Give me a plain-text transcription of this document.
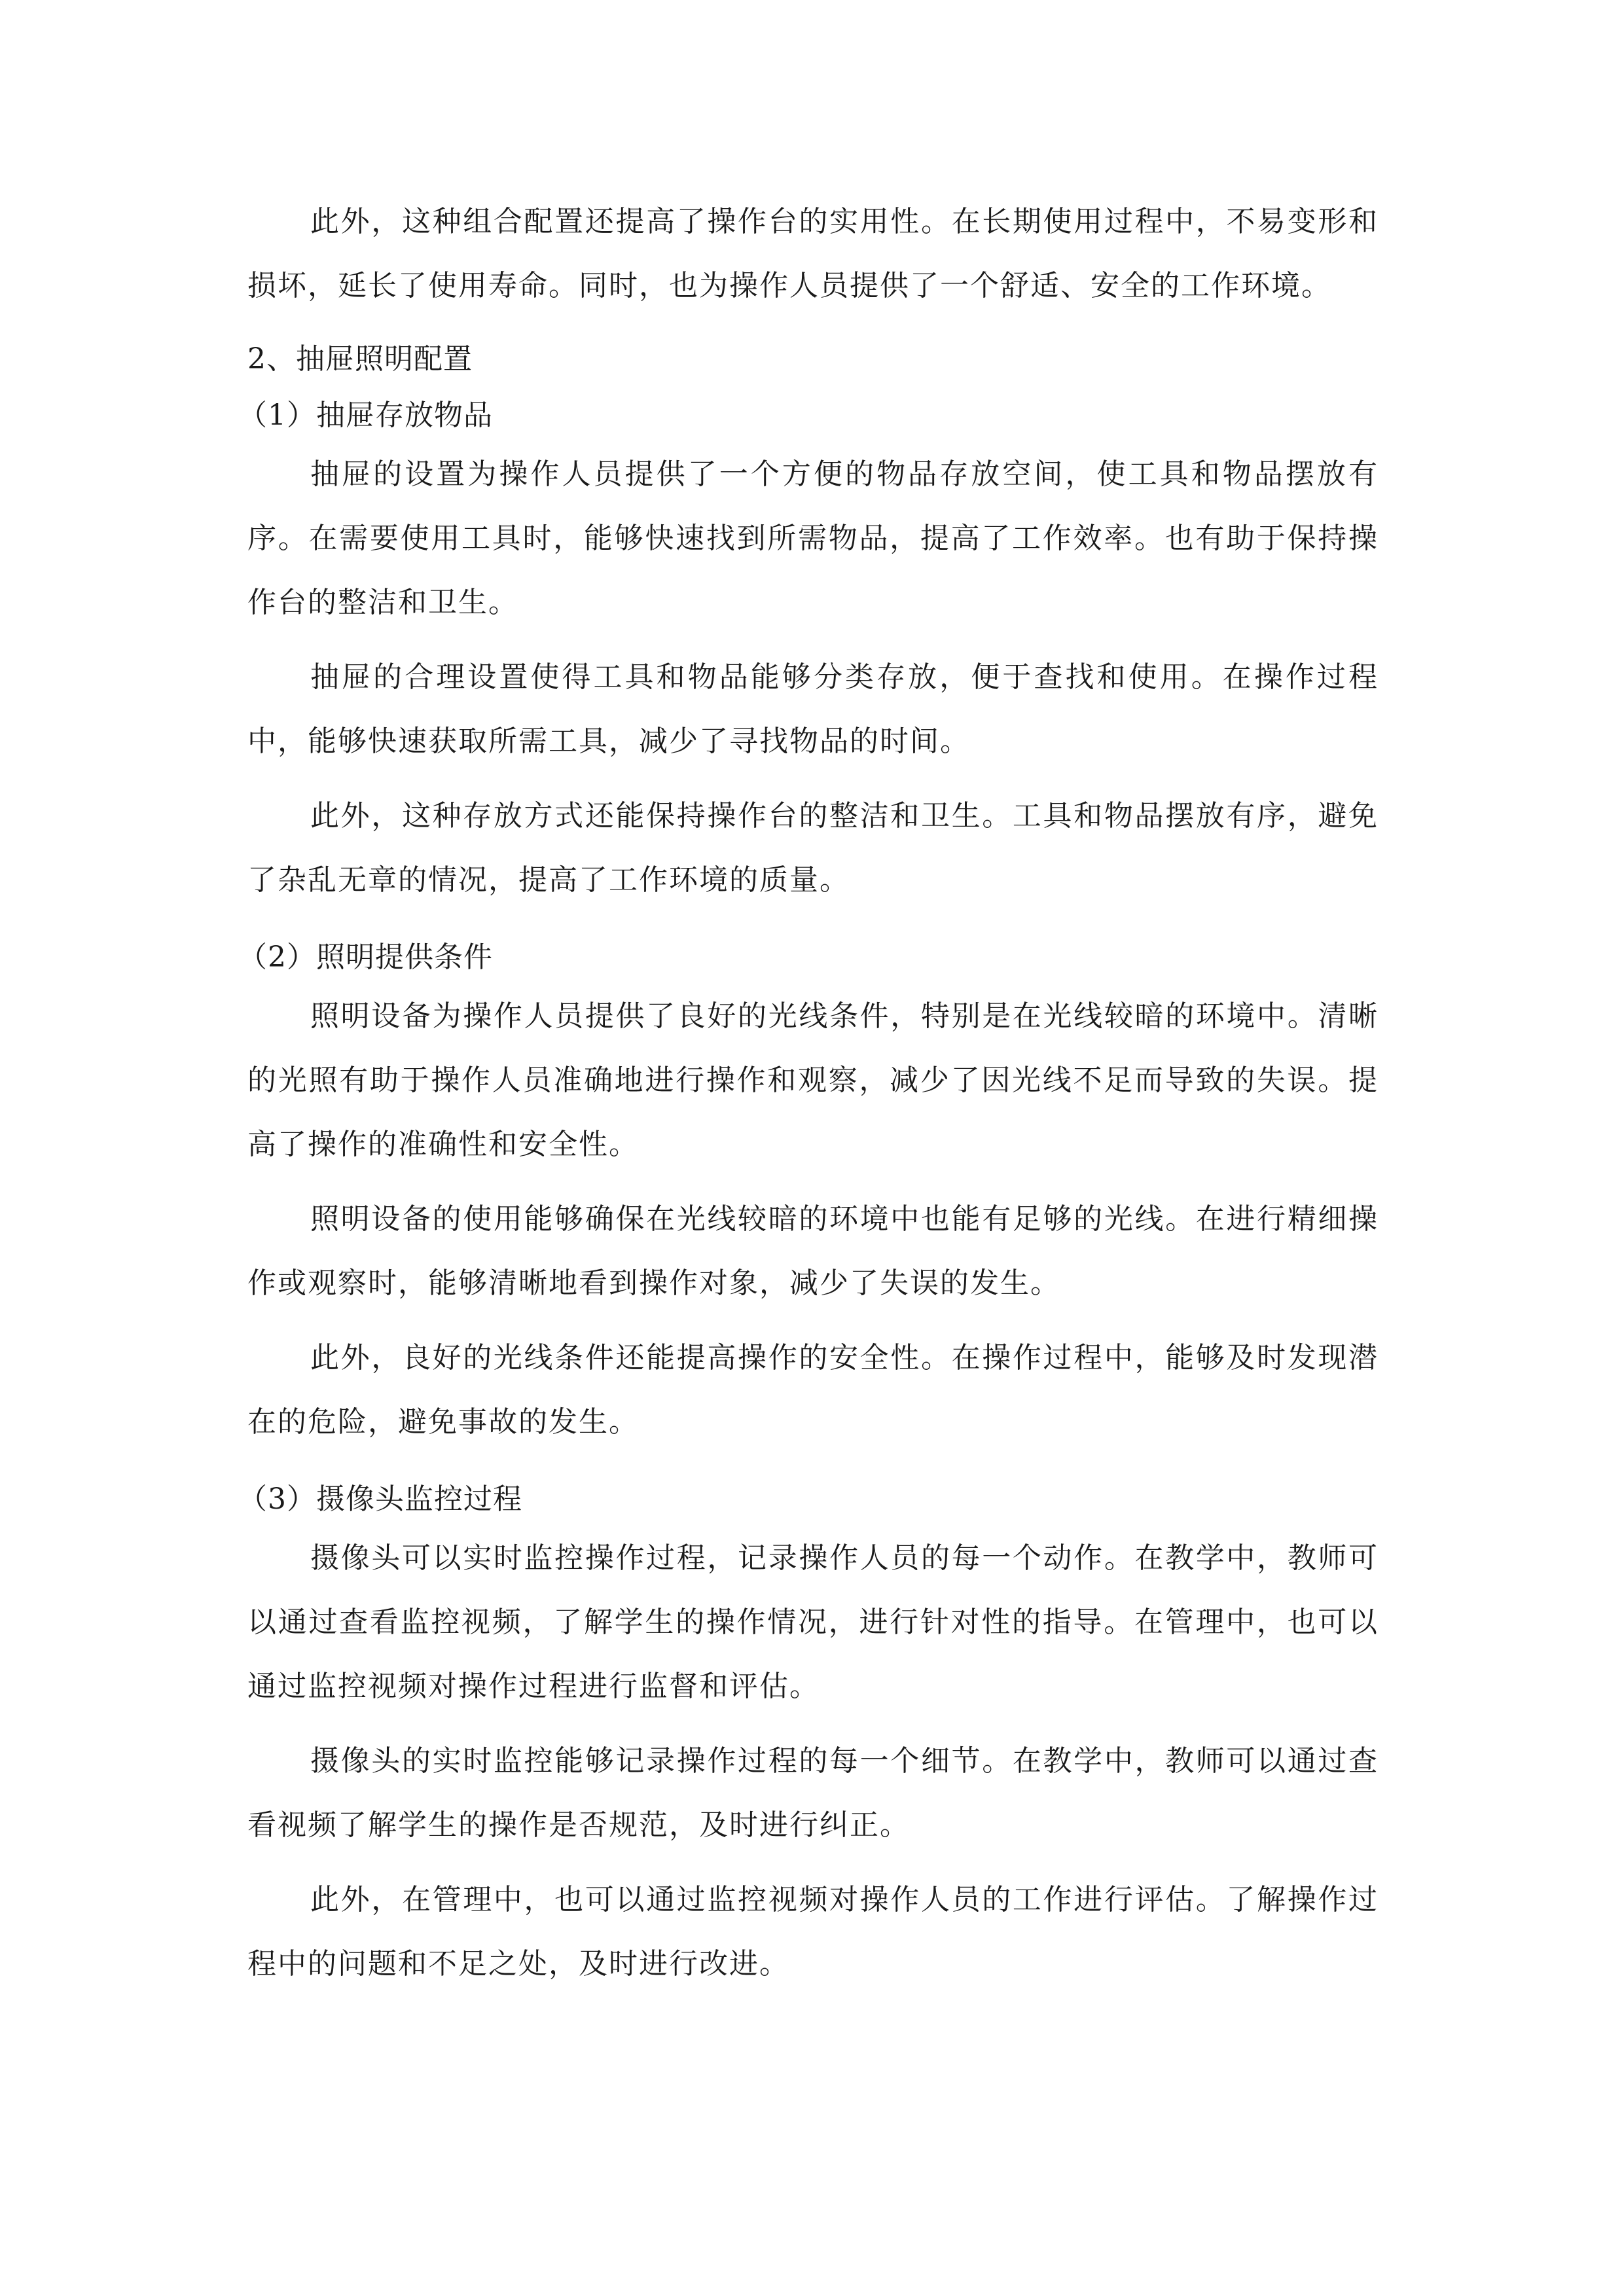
此外，这种组合配置还提高了操作台的实用性。在长期使用过程中，不易变形和损坏，延长了使用寿命。同时，也为操作人员提供了一个舒适、安全的工作环境。

2、抽屉照明配置
（1）抽屉存放物品

抽屉的设置为操作人员提供了一个方便的物品存放空间，使工具和物品摆放有序。在需要使用工具时，能够快速找到所需物品，提高了工作效率。也有助于保持操作台的整洁和卫生。

抽屉的合理设置使得工具和物品能够分类存放，便于查找和使用。在操作过程中，能够快速获取所需工具，减少了寻找物品的时间。

此外，这种存放方式还能保持操作台的整洁和卫生。工具和物品摆放有序，避免了杂乱无章的情况，提高了工作环境的质量。

（2）照明提供条件

照明设备为操作人员提供了良好的光线条件，特别是在光线较暗的环境中。清晰的光照有助于操作人员准确地进行操作和观察，减少了因光线不足而导致的失误。提高了操作的准确性和安全性。

照明设备的使用能够确保在光线较暗的环境中也能有足够的光线。在进行精细操作或观察时，能够清晰地看到操作对象，减少了失误的发生。

此外，良好的光线条件还能提高操作的安全性。在操作过程中，能够及时发现潜在的危险，避免事故的发生。

（3）摄像头监控过程

摄像头可以实时监控操作过程，记录操作人员的每一个动作。在教学中，教师可以通过查看监控视频，了解学生的操作情况，进行针对性的指导。在管理中，也可以通过监控视频对操作过程进行监督和评估。

摄像头的实时监控能够记录操作过程的每一个细节。在教学中，教师可以通过查看视频了解学生的操作是否规范，及时进行纠正。

此外，在管理中，也可以通过监控视频对操作人员的工作进行评估。了解操作过程中的问题和不足之处，及时进行改进。
